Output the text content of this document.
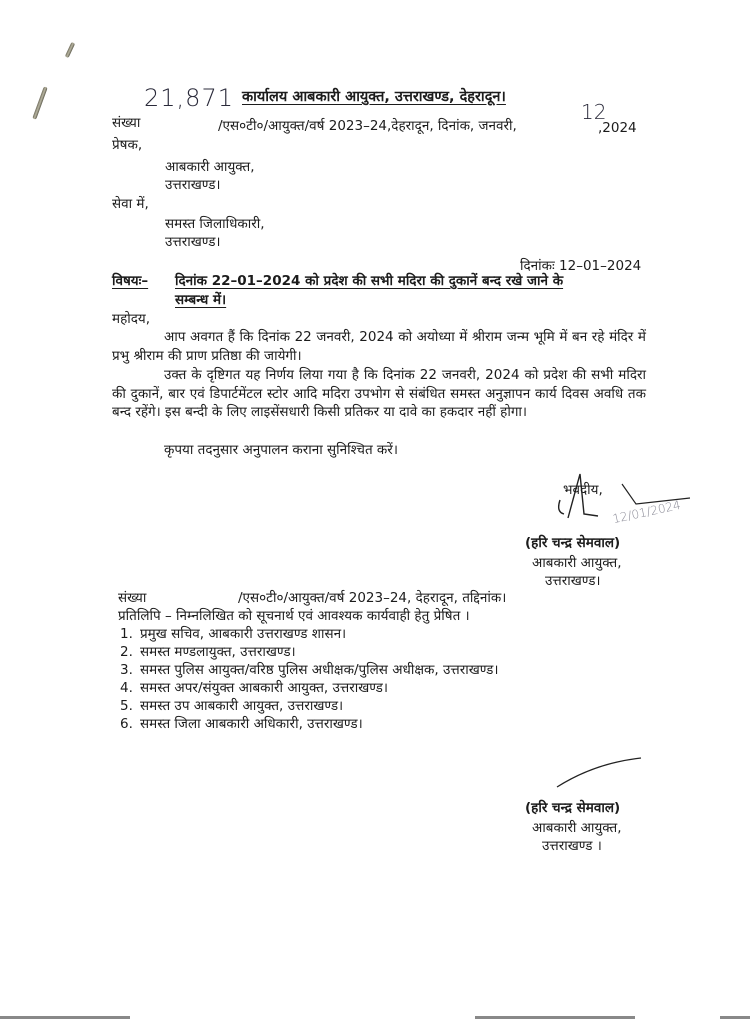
21,871 कार्यालय आबकारी आयुक्त, उत्तराखण्ड, देहरादून।
संख्या	/एस०टी०/आयुक्त/वर्ष 2023–24,देहरादून, दिनांक, जनवरी,
12
,2024
प्रेषक,
आबकारी आयुक्त,
उत्तराखण्ड।
सेवा में,
समस्त जिलाधिकारी,
उत्तराखण्ड।
दिनांकः 12–01–2024
विषयः– दिनांक 22–01–2024 को प्रदेश की सभी मदिरा की दुकानें बन्द रखे जाने के
सम्बन्ध में।
महोदय,
आप अवगत हैं कि दिनांक 22 जनवरी, 2024 को अयोध्या में श्रीराम जन्म भूमि में बन रहे मंदिर में प्रभु श्रीराम की प्राण प्रतिष्ठा की जायेगी।
उक्त के दृष्टिगत यह निर्णय लिया गया है कि दिनांक 22 जनवरी, 2024 को प्रदेश की सभी मदिरा की दुकानें, बार एवं डिपार्टमेंटल स्टोर आदि मदिरा उपभोग से संबंधित समस्त अनुज्ञापन कार्य दिवस अवधि तक बन्द रहेंगे। इस बन्दी के लिए लाइसेंसधारी किसी प्रतिकर या दावे का हकदार नहीं होगा।
कृपया तदनुसार अनुपालन कराना सुनिश्चित करें।
भवदीय,
12/01/2024
(हरि चन्द्र सेमवाल)
आबकारी आयुक्त,
उत्तराखण्ड।
संख्या	/एस०टी०/आयुक्त/वर्ष 2023–24, देहरादून, तद्दिनांक।
प्रतिलिपि – निम्नलिखित को सूचनार्थ एवं आवश्यक कार्यवाही हेतु प्रेषित ।
1. प्रमुख सचिव, आबकारी उत्तराखण्ड शासन।
2. समस्त मण्डलायुक्त, उत्तराखण्ड।
3. समस्त पुलिस आयुक्त/वरिष्ठ पुलिस अधीक्षक/पुलिस अधीक्षक, उत्तराखण्ड।
4. समस्त अपर/संयुक्त आबकारी आयुक्त, उत्तराखण्ड।
5. समस्त उप आबकारी आयुक्त, उत्तराखण्ड।
6. समस्त जिला आबकारी अधिकारी, उत्तराखण्ड।
(हरि चन्द्र सेमवाल)
आबकारी आयुक्त,
उत्तराखण्ड ।
